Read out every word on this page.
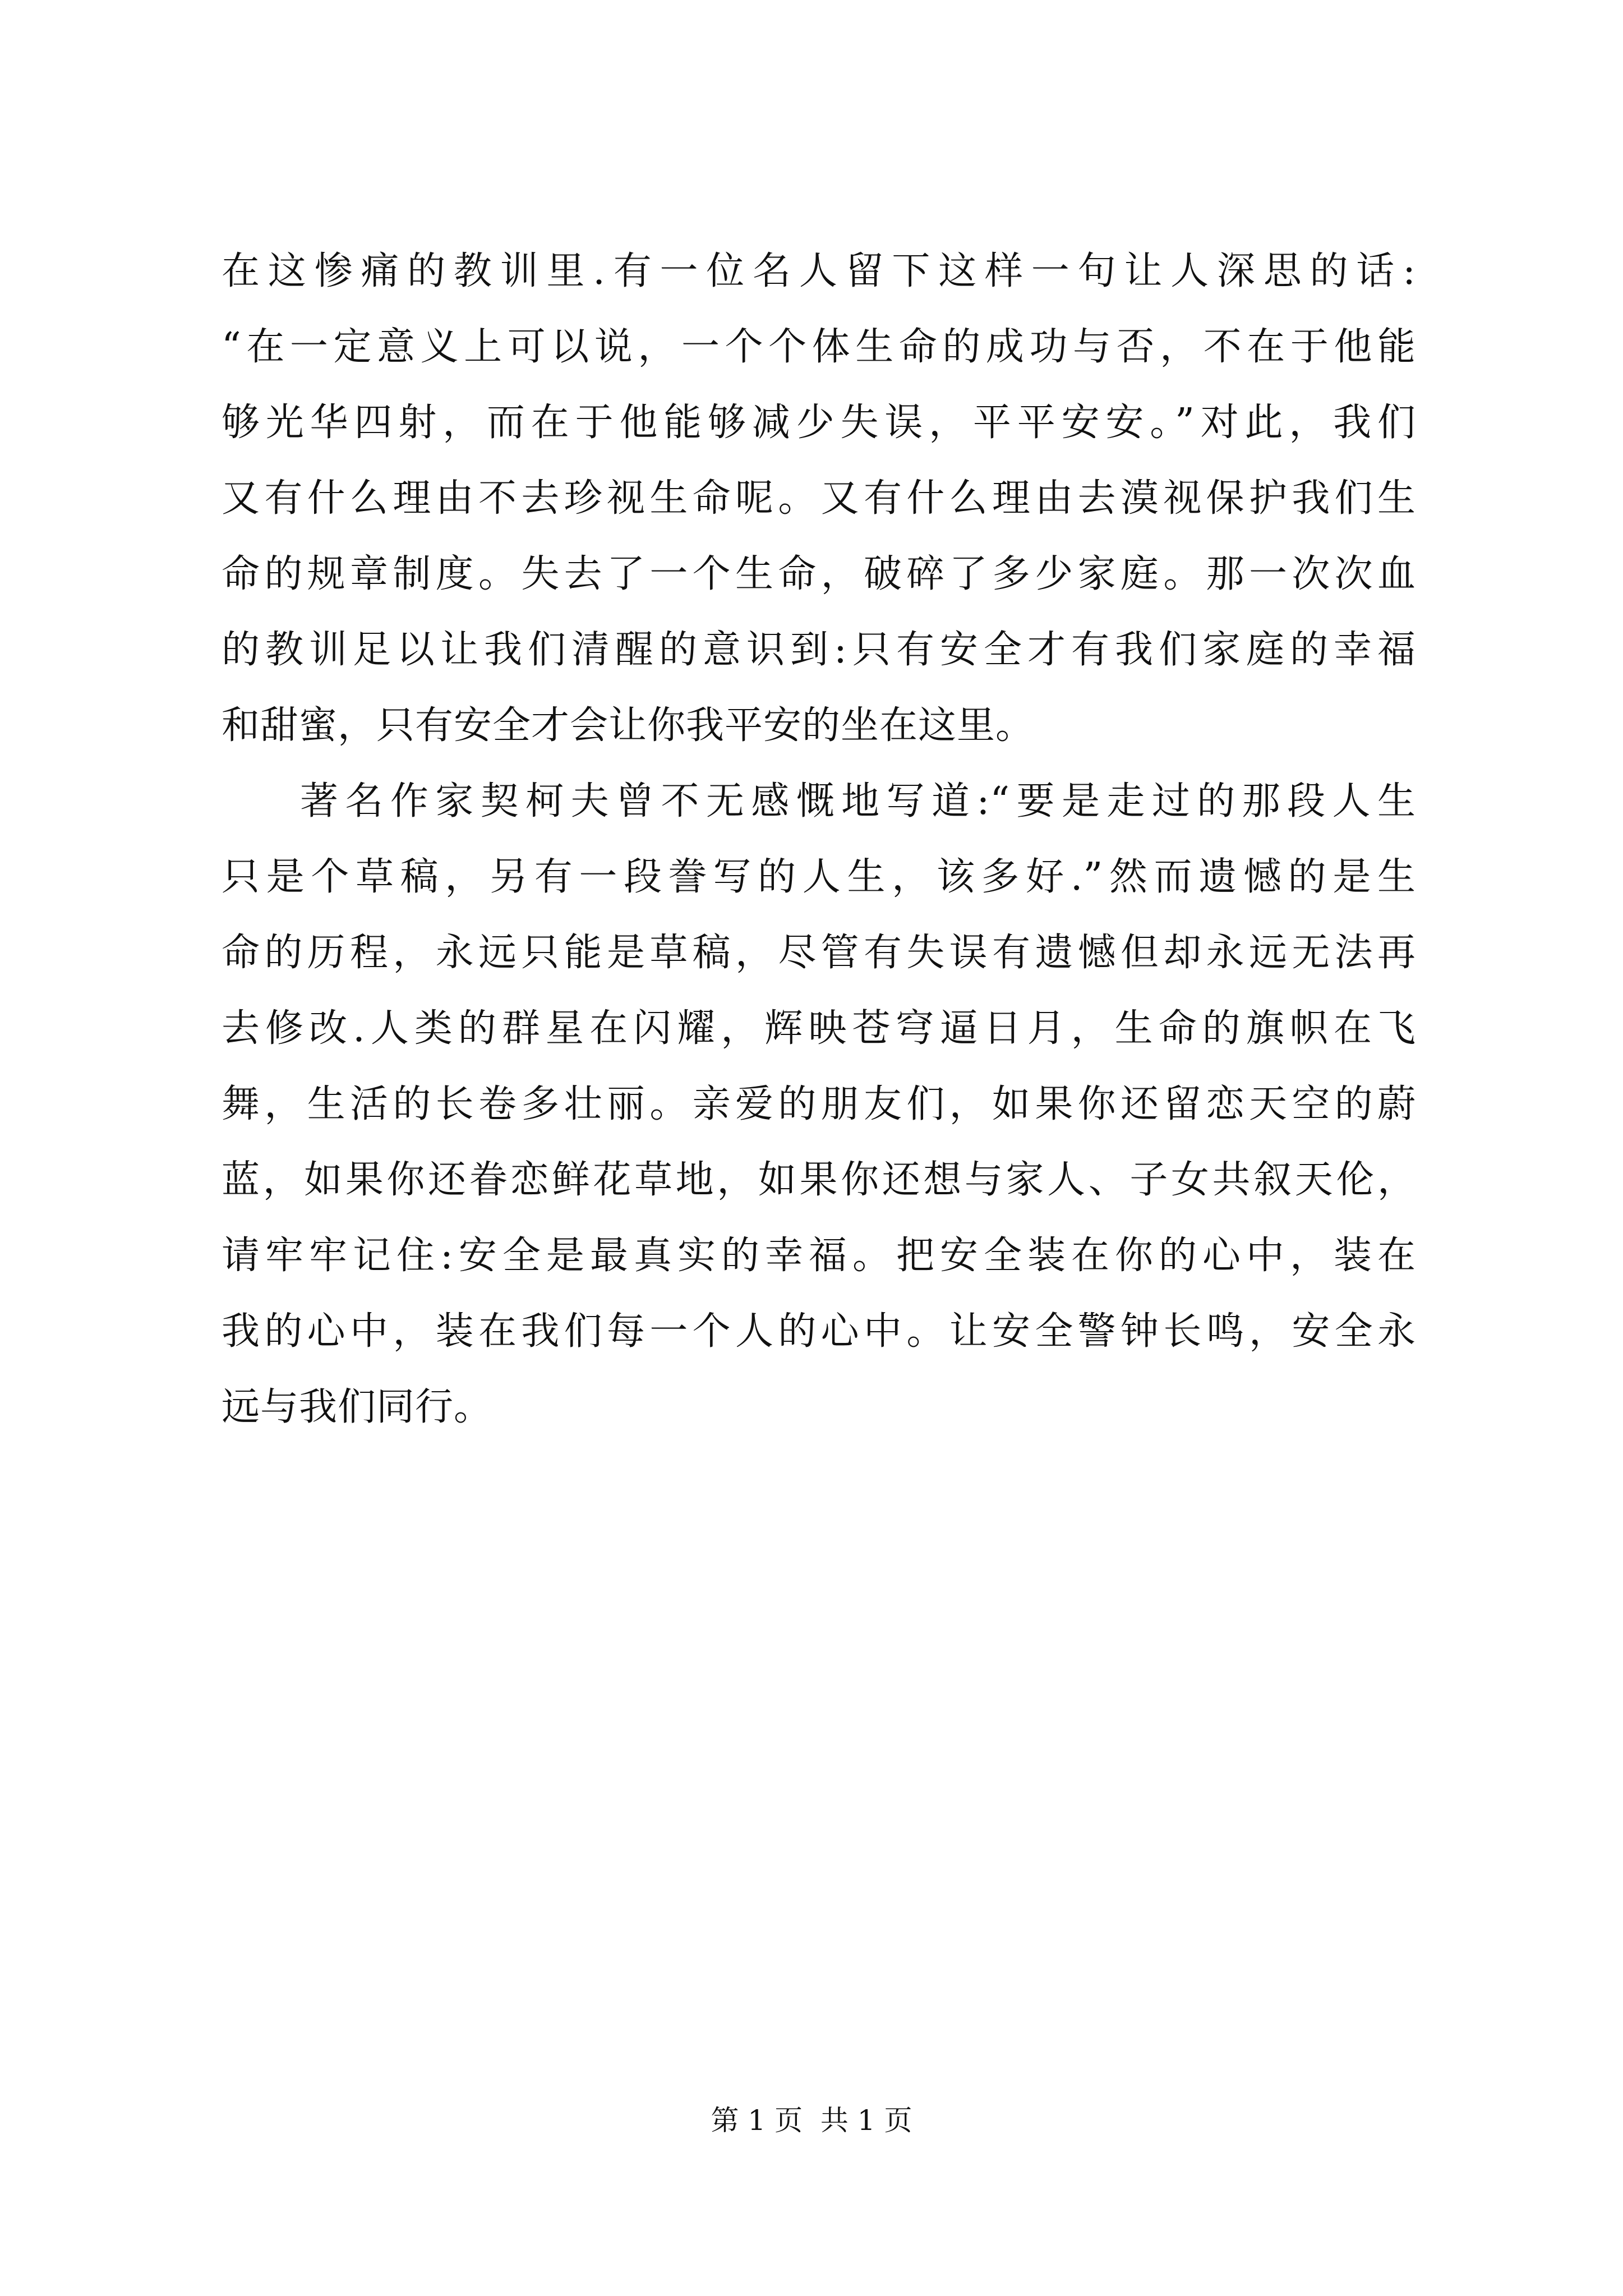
在这惨痛的教训里.有一位名人留下这样一句让人深思的话:
“在一定意义上可以说，一个个体生命的成功与否，不在于他能
够光华四射，而在于他能够减少失误，平平安安。”对此，我们
又有什么理由不去珍视生命呢。又有什么理由去漠视保护我们生
命的规章制度。失去了一个生命，破碎了多少家庭。那一次次血
的教训足以让我们清醒的意识到:只有安全才有我们家庭的幸福
和甜蜜，只有安全才会让你我平安的坐在这里。
著名作家契柯夫曾不无感慨地写道:“要是走过的那段人生
只是个草稿，另有一段誊写的人生，该多好.”然而遗憾的是生
命的历程，永远只能是草稿，尽管有失误有遗憾但却永远无法再
去修改.人类的群星在闪耀，辉映苍穹逼日月，生命的旗帜在飞
舞，生活的长卷多壮丽。亲爱的朋友们，如果你还留恋天空的蔚
蓝，如果你还眷恋鲜花草地，如果你还想与家人、子女共叙天伦，
请牢牢记住:安全是最真实的幸福。把安全装在你的心中，装在
我的心中，装在我们每一个人的心中。让安全警钟长鸣，安全永
远与我们同行。
第 1 页  共 1 页
